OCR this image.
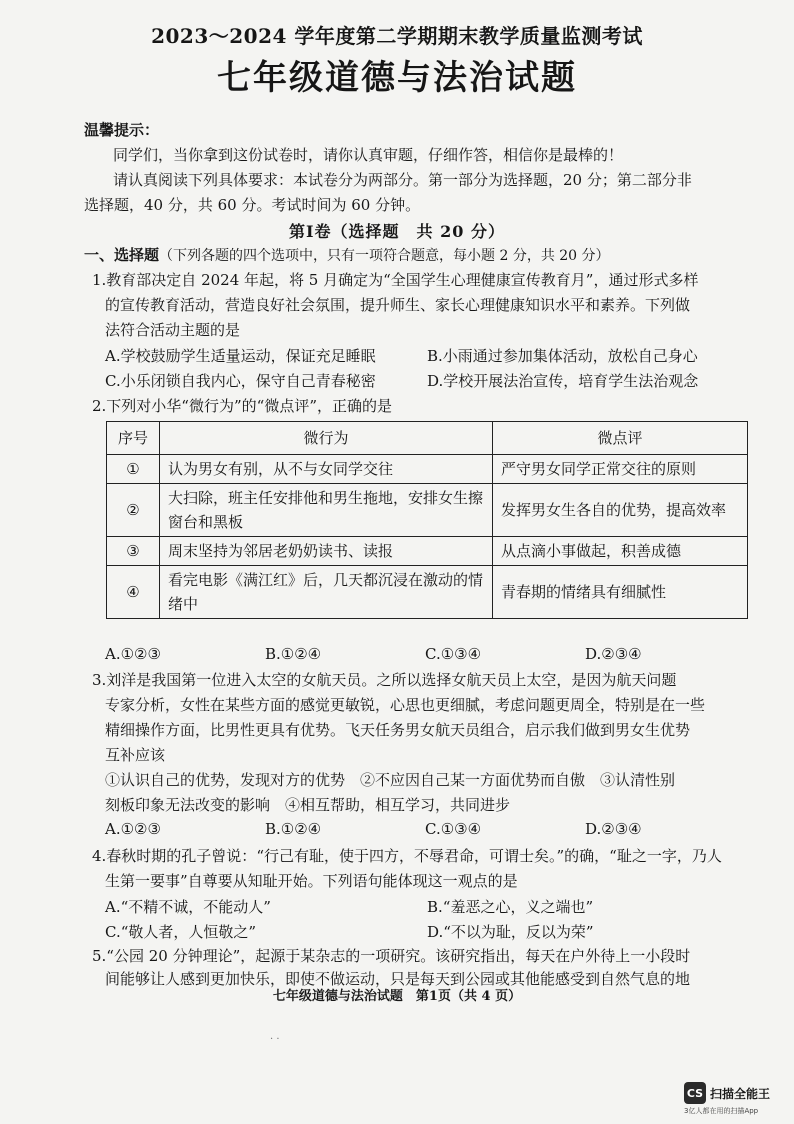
2023～2024 学年度第二学期期末教学质量监测考试
七年级道德与法治试题
温馨提示：
同学们，当你拿到这份试卷时，请你认真审题，仔细作答，相信你是最棒的！
请认真阅读下列具体要求：本试卷分为两部分。第一部分为选择题，20 分；第二部分非
选择题，40 分，共 60 分。考试时间为 60 分钟。
第Ⅰ卷（选择题　共 20 分）
一、选择题（下列各题的四个选项中，只有一项符合题意，每小题 2 分，共 20 分）
1.教育部决定自 2024 年起，将 5 月确定为“全国学生心理健康宣传教育月”，通过形式多样
的宣传教育活动，营造良好社会氛围，提升师生、家长心理健康知识水平和素养。下列做
法符合活动主题的是
A.学校鼓励学生适量运动，保证充足睡眠	B.小雨通过参加集体活动，放松自己身心
C.小乐闭锁自我内心，保守自己青春秘密	D.学校开展法治宣传，培育学生法治观念
2.下列对小华“微行为”的“微点评”，正确的是
序号	微行为	微点评
①	认为男女有别，从不与女同学交往	严守男女同学正常交往的原则
②	大扫除，班主任安排他和男生拖地，安排女生擦窗台和黑板	发挥男女生各自的优势，提高效率
③	周末坚持为邻居老奶奶读书、读报	从点滴小事做起，积善成德
④	看完电影《满江红》后，几天都沉浸在激动的情绪中	青春期的情绪具有细腻性
A.①②③	B.①②④	C.①③④	D.②③④
3.刘洋是我国第一位进入太空的女航天员。之所以选择女航天员上太空，是因为航天问题
专家分析，女性在某些方面的感觉更敏锐，心思也更细腻，考虑问题更周全，特别是在一些
精细操作方面，比男性更具有优势。飞天任务男女航天员组合，启示我们做到男女生优势
互补应该
①认识自己的优势，发现对方的优势　②不应因自己某一方面优势而自傲　③认清性别
刻板印象无法改变的影响　④相互帮助，相互学习，共同进步
A.①②③	B.①②④	C.①③④	D.②③④
4.春秋时期的孔子曾说：“行己有耻，使于四方，不辱君命，可谓士矣。”的确，“耻之一字，乃人
生第一要事”自尊要从知耻开始。下列语句能体现这一观点的是
A.“不精不诚，不能动人”	B.“羞恶之心，义之端也”
C.“敬人者，人恒敬之”	D.“不以为耻，反以为荣”
5.“公园 20 分钟理论”，起源于某杂志的一项研究。该研究指出，每天在户外待上一小段时
间能够让人感到更加快乐，即使不做运动，只是每天到公园或其他能感受到自然气息的地
七年级道德与法治试题　第1页（共 4 页）
· ·
CS 扫描全能王
3亿人都在用的扫描App
